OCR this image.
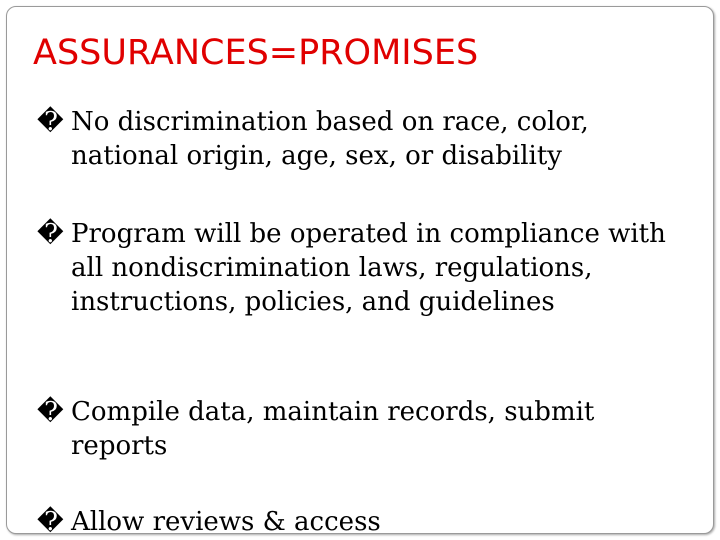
ASSURANCES=PROMISES
� No discrimination based on race, color, national origin, age, sex, or disability
� Program will be operated in compliance with all nondiscrimination laws, regulations, instructions, policies, and guidelines
� Compile data, maintain records, submit reports
� Allow reviews & access
